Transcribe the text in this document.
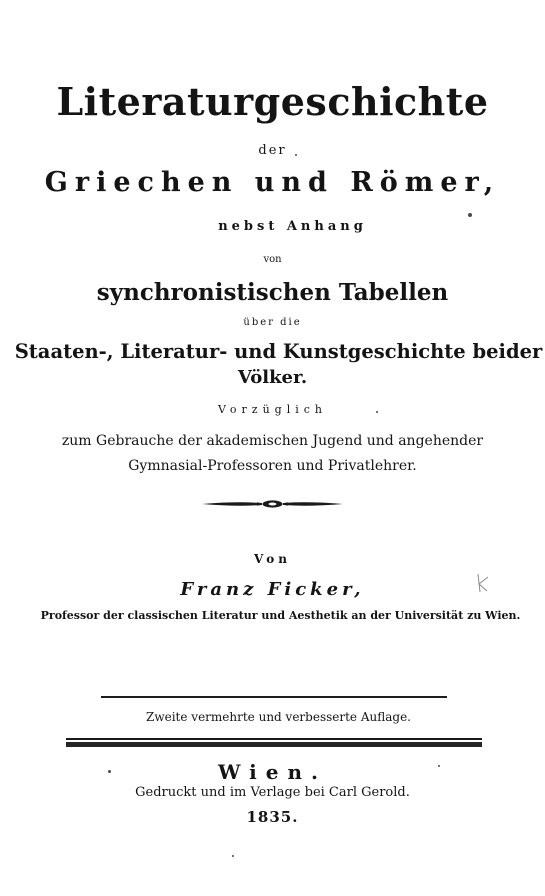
Literaturgeschichte
der
Griechen und Römer,
nebst Anhang
von
synchronistischen Tabellen
über die
Staaten-, Literatur- und Kunstgeschichte beider
Völker.
Vorzüglich
zum Gebrauche der akademischen Jugend und angehender
Gymnasial-Professoren und Privatlehrer.
Von
Franz Ficker,
Professor der classischen Literatur und Aesthetik an der Universität zu Wien.
Zweite vermehrte und verbesserte Auflage.
Wien.
Gedruckt und im Verlage bei Carl Gerold.
1835.
